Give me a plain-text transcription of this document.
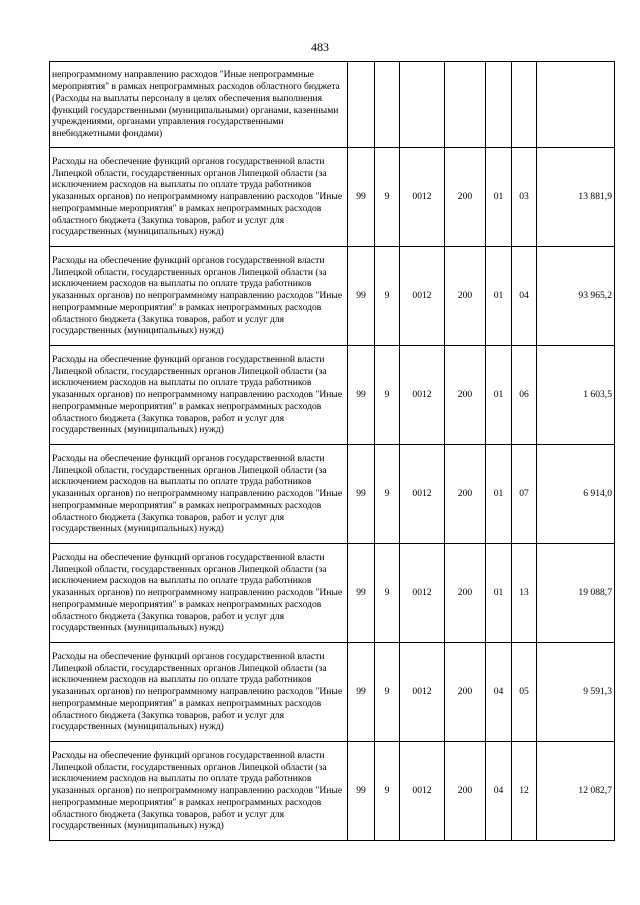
483
непрограммному направлению расходов "Иные непрограммные мероприятия" в рамках непрограммных расходов областного бюджета (Расходы на выплаты персоналу в целях обеспечения выполнения функций государственными (муниципальными) органами, казенными учреждениями, органами управления государственными внебюджетными фондами)							
Расходы на обеспечение функций органов государственной власти Липецкой области, государственных органов Липецкой области (за исключением расходов на выплаты по оплате труда работников указанных органов) по непрограммному направлению расходов "Иные непрограммные мероприятия" в рамках непрограммных расходов областного бюджета (Закупка товаров, работ и услуг для государственных (муниципальных) нужд)	99	9	0012	200	01	03	13 881,9
Расходы на обеспечение функций органов государственной власти Липецкой области, государственных органов Липецкой области (за исключением расходов на выплаты по оплате труда работников указанных органов) по непрограммному направлению расходов "Иные непрограммные мероприятия" в рамках непрограммных расходов областного бюджета (Закупка товаров, работ и услуг для государственных (муниципальных) нужд)	99	9	0012	200	01	04	93 965,2
Расходы на обеспечение функций органов государственной власти Липецкой области, государственных органов Липецкой области (за исключением расходов на выплаты по оплате труда работников указанных органов) по непрограммному направлению расходов "Иные непрограммные мероприятия" в рамках непрограммных расходов областного бюджета (Закупка товаров, работ и услуг для государственных (муниципальных) нужд)	99	9	0012	200	01	06	1 603,5
Расходы на обеспечение функций органов государственной власти Липецкой области, государственных органов Липецкой области (за исключением расходов на выплаты по оплате труда работников указанных органов) по непрограммному направлению расходов "Иные непрограммные мероприятия" в рамках непрограммных расходов областного бюджета (Закупка товаров, работ и услуг для государственных (муниципальных) нужд)	99	9	0012	200	01	07	6 914,0
Расходы на обеспечение функций органов государственной власти Липецкой области, государственных органов Липецкой области (за исключением расходов на выплаты по оплате труда работников указанных органов) по непрограммному направлению расходов "Иные непрограммные мероприятия" в рамках непрограммных расходов областного бюджета (Закупка товаров, работ и услуг для государственных (муниципальных) нужд)	99	9	0012	200	01	13	19 088,7
Расходы на обеспечение функций органов государственной власти Липецкой области, государственных органов Липецкой области (за исключением расходов на выплаты по оплате труда работников указанных органов) по непрограммному направлению расходов "Иные непрограммные мероприятия" в рамках непрограммных расходов областного бюджета (Закупка товаров, работ и услуг для государственных (муниципальных) нужд)	99	9	0012	200	04	05	9 591,3
Расходы на обеспечение функций органов государственной власти Липецкой области, государственных органов Липецкой области (за исключением расходов на выплаты по оплате труда работников указанных органов) по непрограммному направлению расходов "Иные непрограммные мероприятия" в рамках непрограммных расходов областного бюджета (Закупка товаров, работ и услуг для государственных (муниципальных) нужд)	99	9	0012	200	04	12	12 082,7
